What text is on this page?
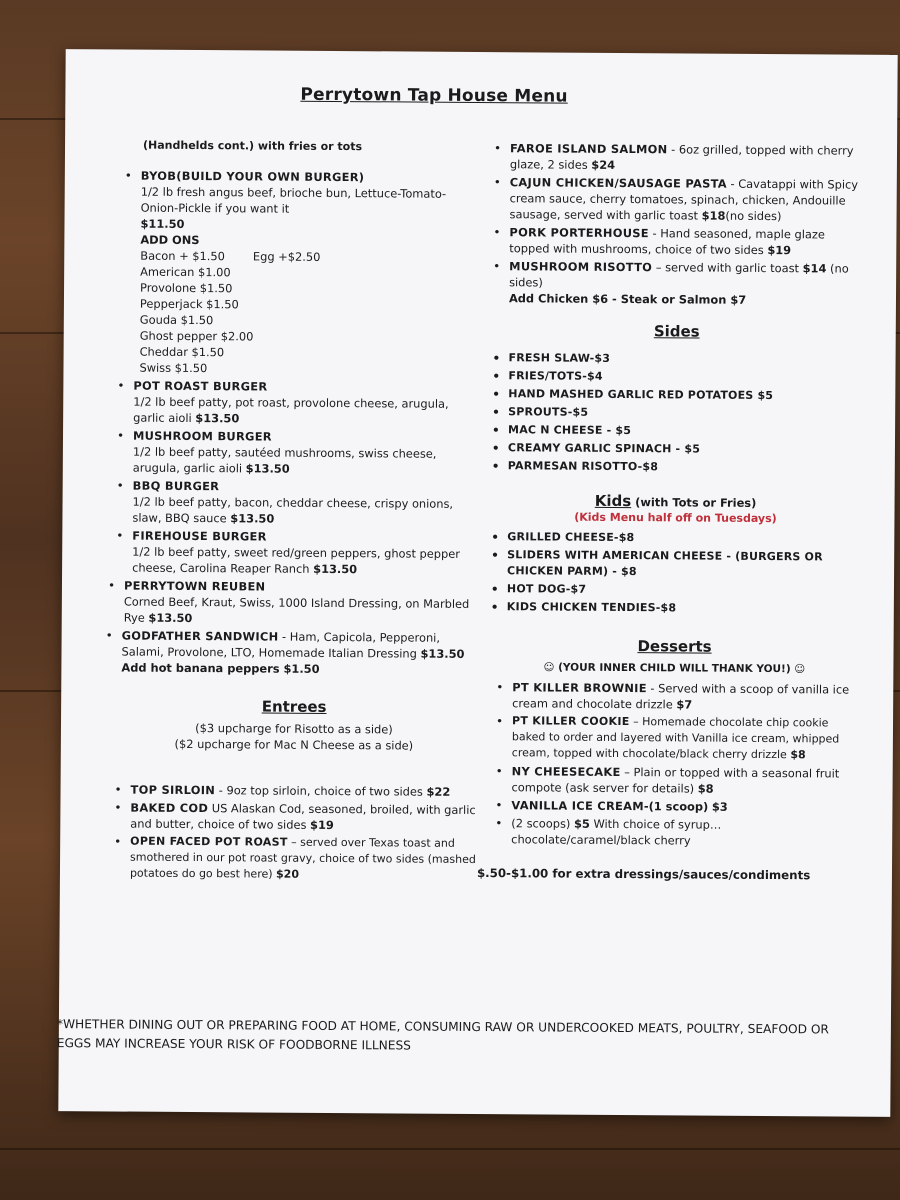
Perrytown Tap House Menu
(Handhelds cont.) with fries or tots
• BYOB(BUILD YOUR OWN BURGER)
1/2 lb fresh angus beef, brioche bun, Lettuce-Tomato-Onion-Pickle if you want it
$11.50
ADD ONS
Bacon + $1.50 Egg +$2.50
American $1.00
Provolone $1.50
Pepperjack $1.50
Gouda $1.50
Ghost pepper $2.00
Cheddar $1.50
Swiss $1.50
• POT ROAST BURGER
1/2 lb beef patty, pot roast, provolone cheese, arugula, garlic aioli $13.50
• MUSHROOM BURGER
1/2 lb beef patty, sautéed mushrooms, swiss cheese, arugula, garlic aioli $13.50
• BBQ BURGER
1/2 lb beef patty, bacon, cheddar cheese, crispy onions, slaw, BBQ sauce $13.50
• FIREHOUSE BURGER
1/2 lb beef patty, sweet red/green peppers, ghost pepper cheese, Carolina Reaper Ranch $13.50
• PERRYTOWN REUBEN
Corned Beef, Kraut, Swiss, 1000 Island Dressing, on Marbled Rye $13.50
• GODFATHER SANDWICH - Ham, Capicola, Pepperoni, Salami, Provolone, LTO, Homemade Italian Dressing $13.50
Add hot banana peppers $1.50
Entrees
($3 upcharge for Risotto as a side)
($2 upcharge for Mac N Cheese as a side)
• TOP SIRLOIN - 9oz top sirloin, choice of two sides $22
• BAKED COD US Alaskan Cod, seasoned, broiled, with garlic and butter, choice of two sides $19
• OPEN FACED POT ROAST – served over Texas toast and smothered in our pot roast gravy, choice of two sides (mashed potatoes do go best here) $20
• FAROE ISLAND SALMON - 6oz grilled, topped with cherry glaze, 2 sides $24
• CAJUN CHICKEN/SAUSAGE PASTA - Cavatappi with Spicy cream sauce, cherry tomatoes, spinach, chicken, Andouille sausage, served with garlic toast $18(no sides)
• PORK PORTERHOUSE - Hand seasoned, maple glaze topped with mushrooms, choice of two sides $19
• MUSHROOM RISOTTO – served with garlic toast $14 (no sides)
Add Chicken $6 - Steak or Salmon $7
Sides
• FRESH SLAW-$3
• FRIES/TOTS-$4
• HAND MASHED GARLIC RED POTATOES $5
• SPROUTS-$5
• MAC N CHEESE - $5
• CREAMY GARLIC SPINACH - $5
• PARMESAN RISOTTO-$8
Kids (with Tots or Fries)
(Kids Menu half off on Tuesdays)
• GRILLED CHEESE-$8
• SLIDERS WITH AMERICAN CHEESE - (BURGERS OR CHICKEN PARM) - $8
• HOT DOG-$7
• KIDS CHICKEN TENDIES-$8
Desserts
☺ (YOUR INNER CHILD WILL THANK YOU!) ☺
• PT KILLER BROWNIE - Served with a scoop of vanilla ice cream and chocolate drizzle $7
• PT KILLER COOKIE – Homemade chocolate chip cookie baked to order and layered with Vanilla ice cream, whipped cream, topped with chocolate/black cherry drizzle $8
• NY CHEESECAKE – Plain or topped with a seasonal fruit compote (ask server for details) $8
• VANILLA ICE CREAM-(1 scoop) $3
• (2 scoops) $5 With choice of syrup… chocolate/caramel/black cherry
$.50-$1.00 for extra dressings/sauces/condiments
*WHETHER DINING OUT OR PREPARING FOOD AT HOME, CONSUMING RAW OR UNDERCOOKED MEATS, POULTRY, SEAFOOD OR EGGS MAY INCREASE YOUR RISK OF FOODBORNE ILLNESS
